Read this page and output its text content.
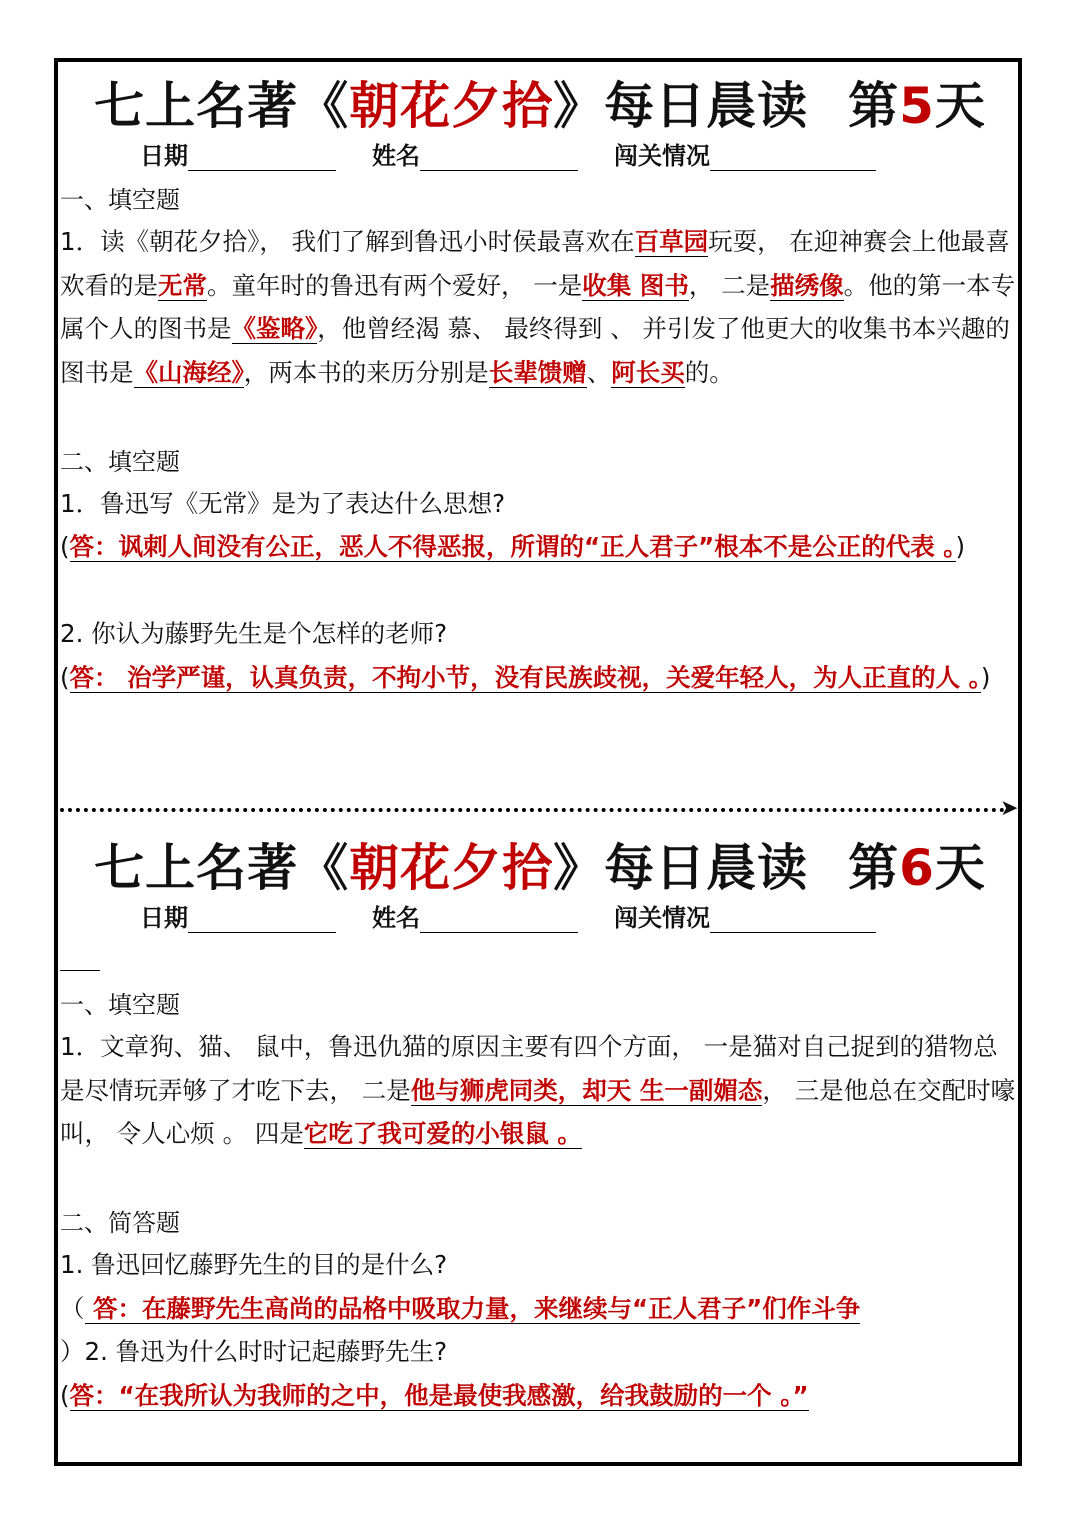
七上名著《朝花夕拾》每日晨读 第5天
日期	姓名	闯关情况
一、填空题
1．读《朝花夕拾》， 我们了解到鲁迅小时侯最喜欢在百草园玩耍， 在迎神赛会上他最喜欢看的是无常。童年时的鲁迅有两个爱好， 一是收集 图书， 二是描绣像。他的第一本专属个人的图书是《鉴略》，他曾经渴 慕、 最终得到 、 并引发了他更大的收集书本兴趣的图书是《山海经》，两本书的来历分别是长辈馈赠、阿长买的。
二、填空题
1．鲁迅写《无常》是为了表达什么思想?
(答：讽刺人间没有公正，恶人不得恶报，所谓的“正人君子”根本不是公正的代表 。)
2. 你认为藤野先生是个怎样的老师?
(答： 治学严谨，认真负责，不拘小节，没有民族歧视，关爱年轻人，为人正直的人 。)
➤
七上名著《朝花夕拾》每日晨读 第6天
日期	姓名	闯关情况
一、填空题
1．文章狗、猫、 鼠中，鲁迅仇猫的原因主要有四个方面， 一是猫对自己捉到的猎物总是尽情玩弄够了才吃下去， 二是他与狮虎同类，却天 生一副媚态， 三是他总在交配时嚎叫， 令人心烦 。 四是它吃了我可爱的小银鼠 。
二、简答题
1. 鲁迅回忆藤野先生的目的是什么?
（ 答：在藤野先生高尚的品格中吸取力量，来继续与“正人君子”们作斗争
）2. 鲁迅为什么时时记起藤野先生?
(答：“在我所认为我师的之中，他是最使我感激，给我鼓励的一个 。”
